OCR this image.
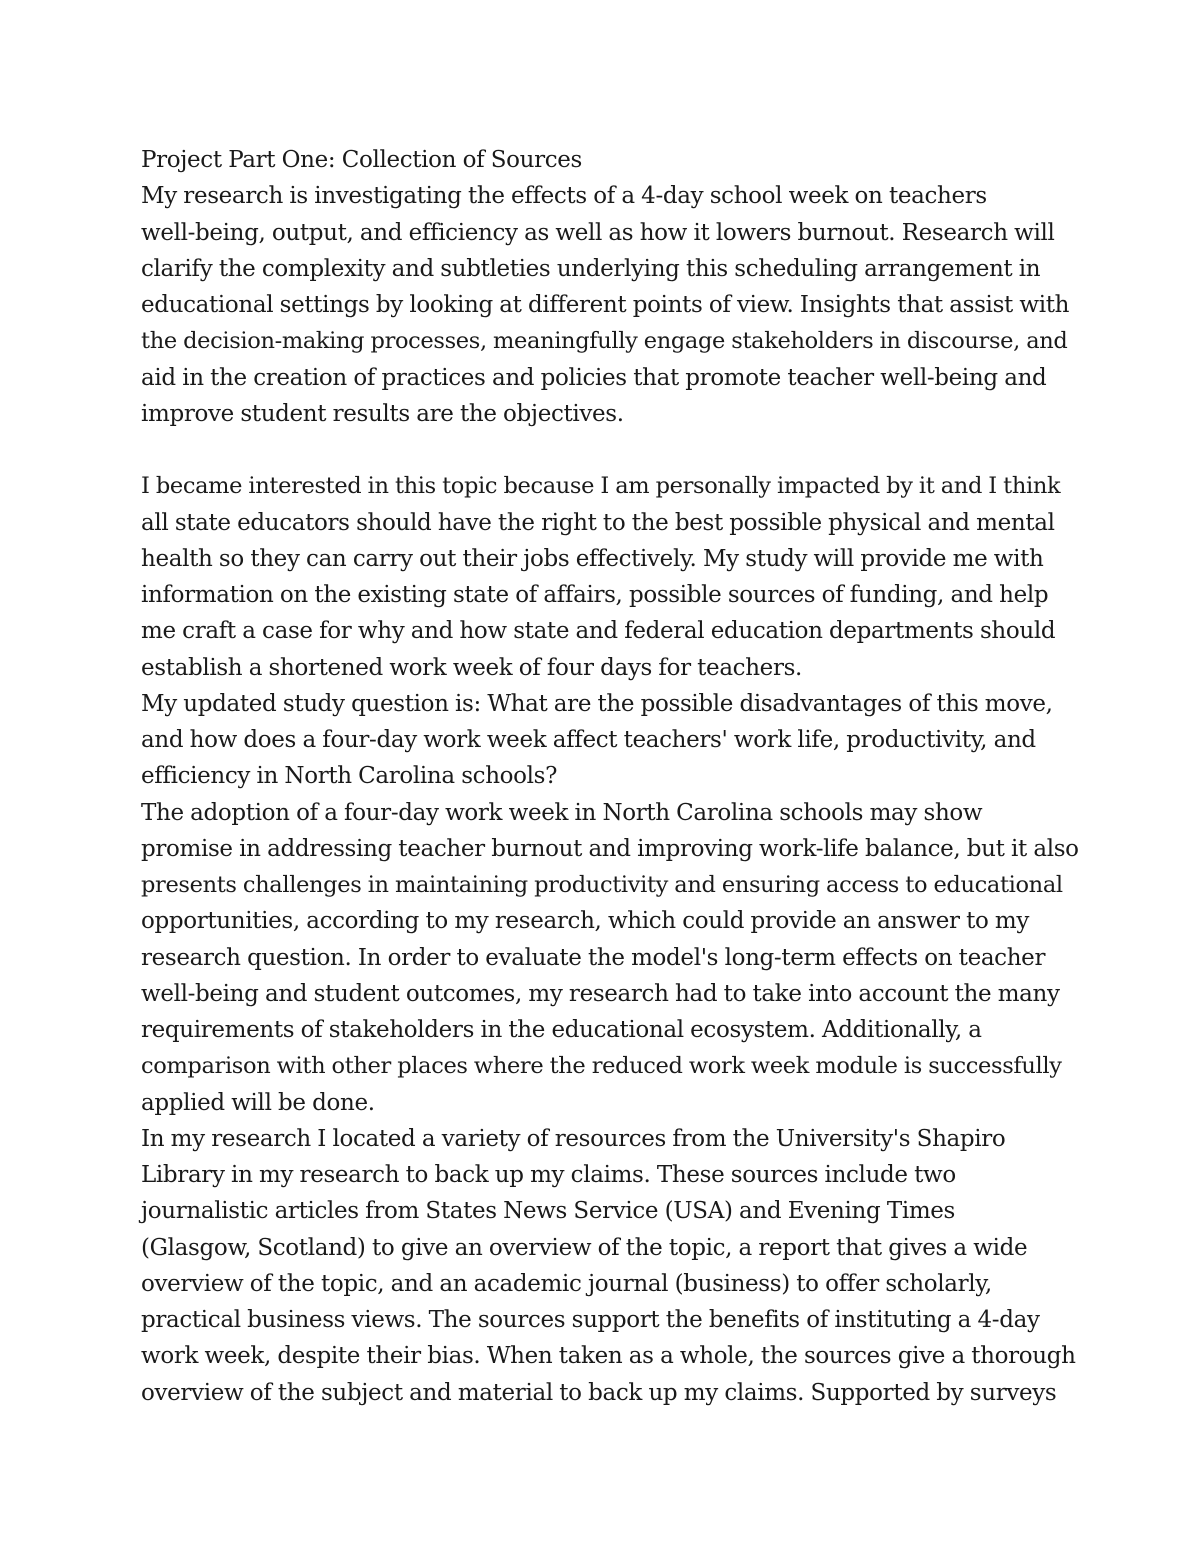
Project Part One: Collection of Sources
My research is investigating the effects of a 4-day school week on teachers
well-being, output, and efficiency as well as how it lowers burnout. Research will
clarify the complexity and subtleties underlying this scheduling arrangement in
educational settings by looking at different points of view. Insights that assist with
the decision-making processes, meaningfully engage stakeholders in discourse, and
aid in the creation of practices and policies that promote teacher well-being and
improve student results are the objectives.
I became interested in this topic because I am personally impacted by it and I think
all state educators should have the right to the best possible physical and mental
health so they can carry out their jobs effectively. My study will provide me with
information on the existing state of affairs, possible sources of funding, and help
me craft a case for why and how state and federal education departments should
establish a shortened work week of four days for teachers.
My updated study question is: What are the possible disadvantages of this move,
and how does a four-day work week affect teachers' work life, productivity, and
efficiency in North Carolina schools?
The adoption of a four-day work week in North Carolina schools may show
promise in addressing teacher burnout and improving work-life balance, but it also
presents challenges in maintaining productivity and ensuring access to educational
opportunities, according to my research, which could provide an answer to my
research question. In order to evaluate the model's long-term effects on teacher
well-being and student outcomes, my research had to take into account the many
requirements of stakeholders in the educational ecosystem. Additionally, a
comparison with other places where the reduced work week module is successfully
applied will be done.
In my research I located a variety of resources from the University's Shapiro
Library in my research to back up my claims. These sources include two
journalistic articles from States News Service (USA) and Evening Times
(Glasgow, Scotland) to give an overview of the topic, a report that gives a wide
overview of the topic, and an academic journal (business) to offer scholarly,
practical business views. The sources support the benefits of instituting a 4-day
work week, despite their bias. When taken as a whole, the sources give a thorough
overview of the subject and material to back up my claims. Supported by surveys
